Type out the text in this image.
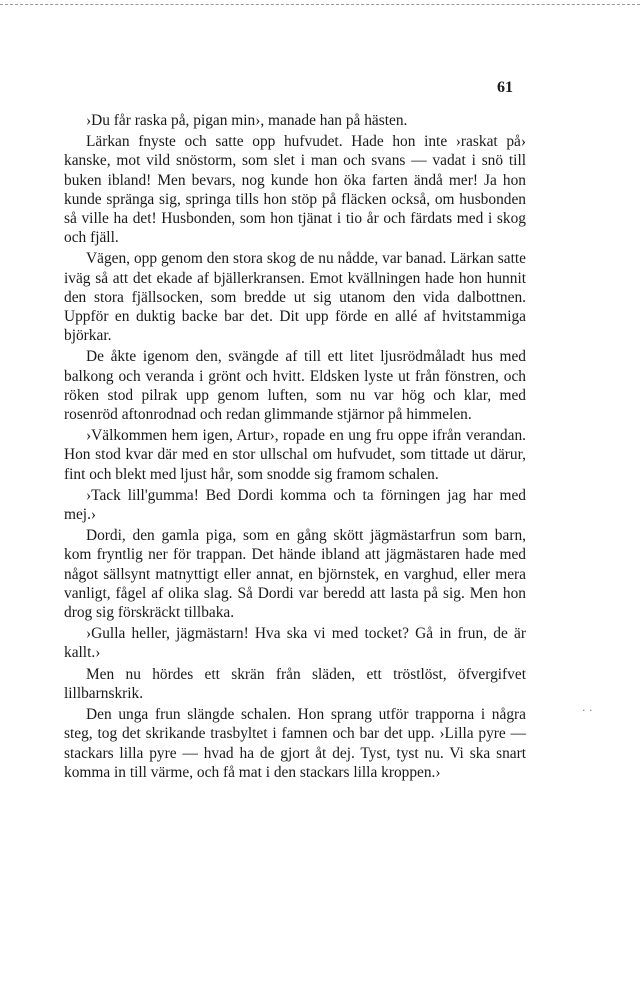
61

›Du får raska på, pigan min›, manade han på hästen.

Lärkan fnyste och satte opp hufvudet. Hade hon inte ›raskat på› kanske, mot vild snöstorm, som slet i man och svans — vadat i snö till buken ibland! Men bevars, nog kunde hon öka farten ändå mer! Ja hon kunde spränga sig, springa tills hon stöp på fläcken också, om husbonden så ville ha det! Husbonden, som hon tjänat i tio år och färdats med i skog och fjäll.

Vägen, opp genom den stora skog de nu nådde, var banad. Lärkan satte iväg så att det ekade af bjällerkransen. Emot kvällningen hade hon hunnit den stora fjällsocken, som bredde ut sig utanom den vida dalbottnen. Uppför en duktig backe bar det. Dit upp förde en allé af hvitstammiga björkar.

De åkte igenom den, svängde af till ett litet ljusrödmåladt hus med balkong och veranda i grönt och hvitt. Eldsken lyste ut från fönstren, och röken stod pilrak upp genom luften, som nu var hög och klar, med rosenröd aftonrodnad och redan glimmande stjärnor på himmelen.

›Välkommen hem igen, Artur›, ropade en ung fru oppe ifrån verandan. Hon stod kvar där med en stor ullschal om hufvudet, som tittade ut därur, fint och blekt med ljust hår, som snodde sig framom schalen.

›Tack lill'gumma! Bed Dordi komma och ta förningen jag har med mej.›

Dordi, den gamla piga, som en gång skött jägmästarfrun som barn, kom fryntlig ner för trappan. Det hände ibland att jägmästaren hade med något sällsynt matnyttigt eller annat, en björnstek, en varghud, eller mera vanligt, fågel af olika slag. Så Dordi var beredd att lasta på sig. Men hon drog sig förskräckt tillbaka.

›Gulla heller, jägmästarn! Hva ska vi med tocket? Gå in frun, de är kallt.›

Men nu hördes ett skrän från släden, ett tröstlöst, öfvergifvet lillbarnskrik.

Den unga frun slängde schalen. Hon sprang utför trapporna i några steg, tog det skrikande trasbyltet i famnen och bar det upp. ›Lilla pyre — stackars lilla pyre — hvad ha de gjort åt dej. Tyst, tyst nu. Vi ska snart komma in till värme, och få mat i den stackars lilla kroppen.›

· ·
